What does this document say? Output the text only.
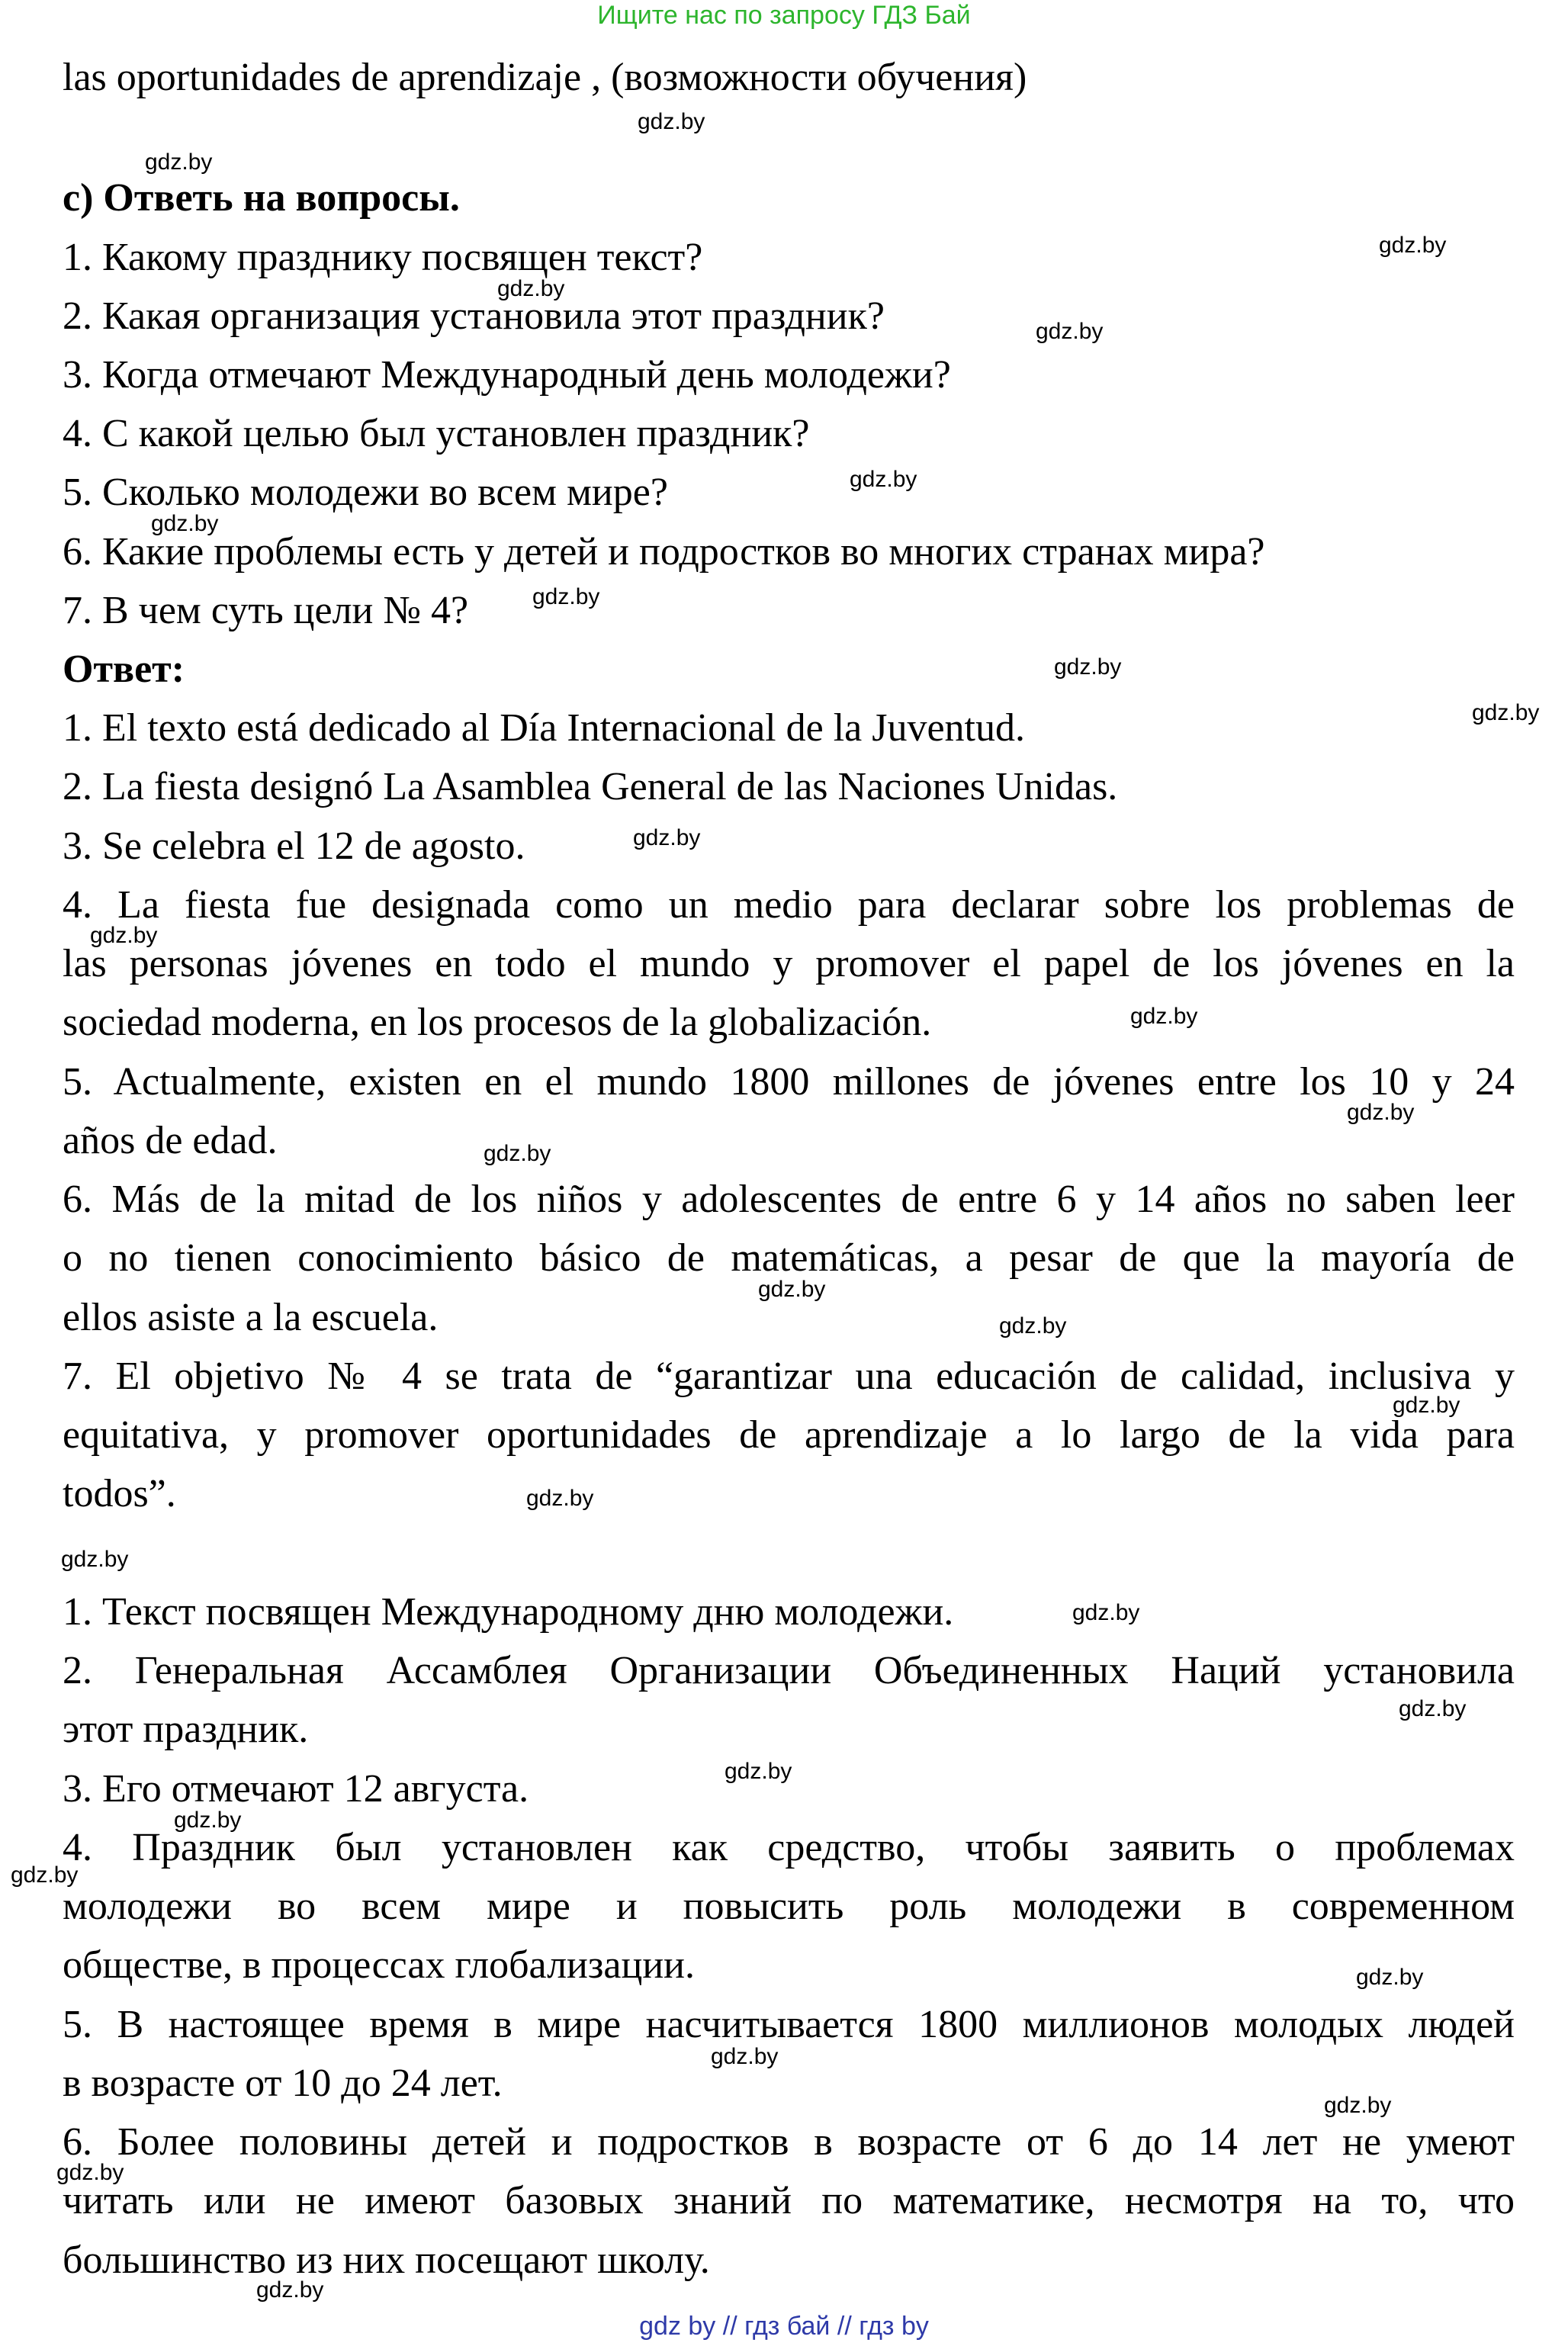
Ищите нас по запросу ГДЗ Бай
las oportunidades de aprendizaje , (возможности обучения)
с) Ответь на вопросы.
1. Какому празднику посвящен текст?
2. Какая организация установила этот праздник?
3. Когда отмечают Международный день молодежи?
4. С какой целью был установлен праздник?
5. Сколько молодежи во всем мире?
6. Какие проблемы есть у детей и подростков во многих странах мира?
7. В чем суть цели № 4?
Ответ:
1. El texto está dedicado al Día Internacional de la Juventud.
2. La fiesta designó La Asamblea General de las Naciones Unidas.
3. Se celebra el 12 de agosto.
4. La fiesta fue designada como un medio para declarar sobre los problemas de
las personas jóvenes en todo el mundo y promover el papel de los jóvenes en la
sociedad moderna, en los procesos de la globalización.
5. Actualmente, existen en el mundo 1800 millones de jóvenes entre los 10 y 24
años de edad.
6. Más de la mitad de los niños y adolescentes de entre 6 y 14 años no saben leer
o no tienen conocimiento básico de matemáticas, a pesar de que la mayoría de
ellos asiste a la escuela.
7. El objetivo № 4 se trata de “garantizar una educación de calidad, inclusiva y
equitativa, y promover oportunidades de aprendizaje a lo largo de la vida para
todos”.
1. Текст посвящен Международному дню молодежи.
2. Генеральная Ассамблея Организации Объединенных Наций установила
этот праздник.
3. Его отмечают 12 августа.
4. Праздник был установлен как средство, чтобы заявить о проблемах
молодежи во всем мире и повысить роль молодежи в современном
обществе, в процессах глобализации.
5. В настоящее время в мире насчитывается 1800 миллионов молодых людей
в возрасте от 10 до 24 лет.
6. Более половины детей и подростков в возрасте от 6 до 14 лет не умеют
читать или не имеют базовых знаний по математике, несмотря на то, что
большинство из них посещают школу.
gdz.by
gdz.by
gdz.by
gdz.by
gdz.by
gdz.by
gdz.by
gdz.by
gdz.by
gdz.by
gdz.by
gdz.by
gdz.by
gdz.by
gdz.by
gdz.by
gdz.by
gdz.by
gdz.by
gdz.by
gdz.by
gdz.by
gdz.by
gdz.by
gdz.by
gdz.by
gdz.by
gdz.by
gdz.by
gdz.by
gdz by // гдз бай // гдз by
